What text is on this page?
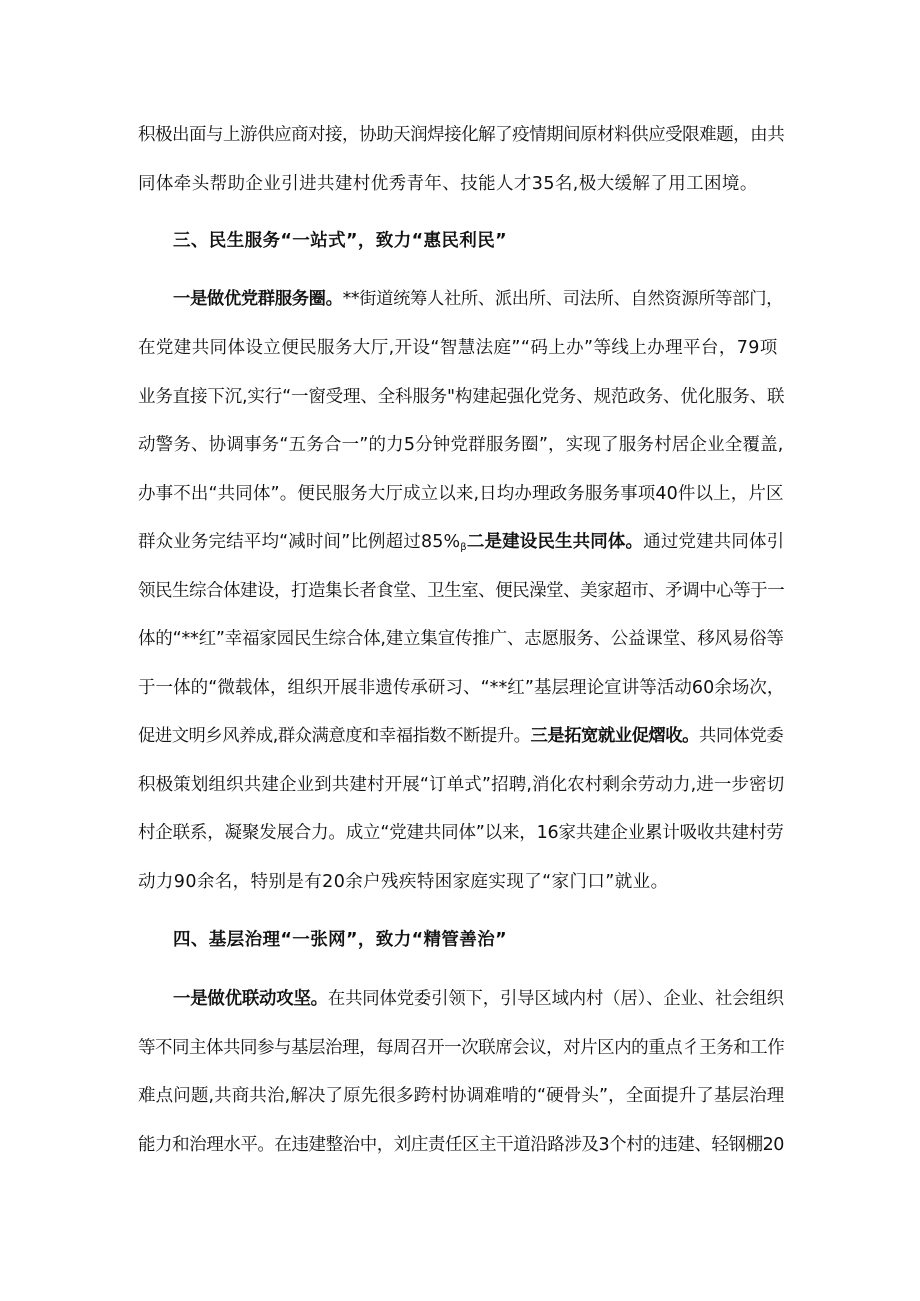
积极出面与上游供应商对接，协助天润焊接化解了疫情期间原材料供应受限难题，由共
同体牵头帮助企业引进共建村优秀青年、技能人才35名,极大缓解了用工困境。
三、民生服务“一站式”，致力“惠民利民”
一是做优党群服务圈。**街道统筹人社所、派出所、司法所、自然资源所等部门，
在党建共同体设立便民服务大厅,开设“智慧法庭”“码上办”等线上办理平台，79项
业务直接下沉,实行“一窗受理、全科服务"构建起强化党务、规范政务、优化服务、联
动警务、协调事务“五务合一”的力5分钟党群服务圈”，实现了服务村居企业全覆盖,
办事不出“共同体”。便民服务大厅成立以来,日均办理政务服务事项40件以上，片区
群众业务完结平均“减时间”比例超过$85\%_\beta$二是建设民生共同体。通过党建共同体引
领民生综合体建设，打造集长者食堂、卫生室、便民澡堂、美家超市、矛调中心等于一
体的“**红”幸福家园民生综合体,建立集宣传推广、志愿服务、公益课堂、移风易俗等
于一体的“微载体，组织开展非遗传承研习、“**红”基层理论宣讲等活动60余场次，
促进文明乡风养成,群众满意度和幸福指数不断提升。三是拓宽就业促熠收。共同体党委
积极策划组织共建企业到共建村开展“订单式”招聘,消化农村剩余劳动力,进一步密切
村企联系，凝聚发展合力。成立“党建共同体”以来，16家共建企业累计吸收共建村劳
动力90余名，特别是有20余户残疾特困家庭实现了“家门口”就业。
四、基层治理“一张网”，致力“精管善治”
一是做优联动攻坚。在共同体党委引领下，引导区域内村（居）、企业、社会组织
等不同主体共同参与基层治理，每周召开一次联席会议，对片区内的重点彳王务和工作
难点问题,共商共治,解决了原先很多跨村协调难啃的“硬骨头”，全面提升了基层治理
能力和治理水平。在违建整治中，刘庄责任区主干道沿路涉及3个村的违建、轻钢棚20
